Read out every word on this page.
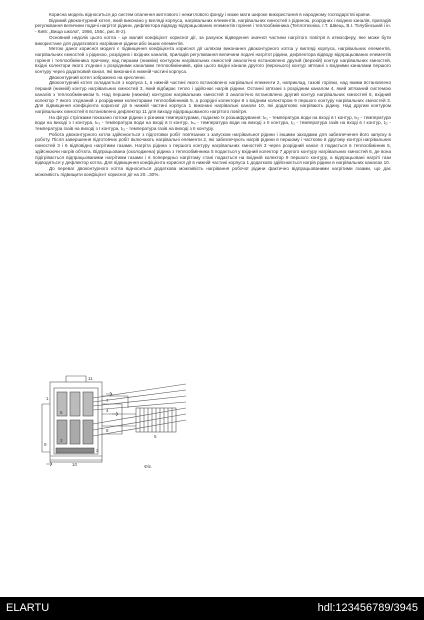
Корисна модель відноситься до систем опалення житлового і нежитлового фонду і може мати широке використання в народному господарстві країни.

Відомий двоконтурний котел, який виконано у вигляді корпуса, нагрівальних елементів, нагрівальних ємностей з рідиною, розрідних і вхідних каналів, приладів регулювання величини подачі нагрітої рідини, дефлектора відводу відпрацьованих елементів горіння і теплообмінника (Теплотехніка. І.Т. Швець, В.І. Толубінський і ін. - Київ: „Вища школа", 1956, 156с, рис.III-2).

Основний недолік цього котла - це малий коефіцієнт корисної дії, за рахунок відведення значної частини нагрітого повітря в атмосферу, яке може бути використане для додаткового нагрівання рідини або інших елементів.

Метою даної корисної моделі є підвищення коефіцієнта корисної дії шляхом виконання двоконтурного котла у вигляді корпуса, нагрівальних елементів, нагрівальних ємностей з рідиною, розрідних і вхідних каналів, приладів регулювання величини подачі нагрітої рідини, дефлектора відводу відпрацьованих елементів горіння і теплообмінника причому, над першим (нижнім) контуром нагрівальних ємностей аналогічно встановлено другий (верхній) контур нагрівальних ємностей, вхідні колектори якого з'єднані з розрідними каналами теплообмінників, крім цього вхідні канали другого (верхнього) контур зв'язані з вхідними каналами першого контуру через додатковий канал, які виконані в нижній частині корпуса.

Двоконтурний котел зображено на кресленні.

Двоконтурний котел складається з корпуса 1, в нижній частині якого встановлено нагрівальні елементи 2, наприклад, газові горілки, над якими встановлено перший (нижній) контур нагрівальних ємностей 3, який відбирає тепло і здійснює нагрів рідини. Останні зв'язані з розрідним каналом 4, який зв'язаний системою каналів з теплообмінником 5. Над першим (нижнім) контуром нагрівальних ємностей 3 аналогічно встановлено другий контур нагрівальних ємностей 6, вхідний колектор 7 якого з'єднаний з розрідними колекторами теплообмінників 5, а розрідні колектори 8 з вхідним колектором 9 першого контуру нагрівальних ємностей 3. Для підвищення коефіцієнта корисної дії в нижній частині корпуса 1 виконані нагрівальні канали 10, які додатково нагрівають рідину. Над другим контуром нагрівальних ємностей 6 встановлено дефлектор 11 для виходу відпрацьованого нагрітого повітря.

На фігурі стрілками показано потоки рідини з різними температурами, подаємо їх розшифрування: tₕ₁ - температура води на вході в І контур, tₕ₂ - температура води на виході з І контура, tₕ₃ - температура води на вході в ІІ контур, tₕ₄ - температура води на виході з ІІ контура, tᵣ₁ - температура газів на вході в І контур, tᵣ₂ - температура газів на виході з І контура, tᵣ₃ - температура газів на виході з ІІ контуру.

Робота двоконтурного котла здійснюється з підготовки робіт пов'язаних з запуском нагрівальної рідини і іншими заходами для забезпечення його запуску в роботу. Після завершення підготовчих робіт включають нагрівальні елементи 2, які забезпечують нагрів рідини в першому і частково в другому контурі нагрівальних ємностей 3 і 6 відповідно нагрітими газами. Нагріта рідина з першого контуру нагрівальних ємностей 3 через розрідний канал 4 подається в теплообмінник 5, здійснюючи нагрів об'єкта. Відпрацьована (охолоджена) рідина з теплообмінника 5 подається у вхідний колектор 7 другого контуру нагрівальних ємностей 6, де вона підігрівається відпрацьованими нагрітими газами і в попередньо нагрітому стані подається на вхідний колектор 9 першого контуру, а відпрацьовані нагріті гази відводяться у дефлектор котла. Для підвищення коефіцієнта корисної дії в нижній частині корпуса 1 додатково здійснюється нагрів рідини в нагрівальних каналах 10.

До переваг двоконтурного котла відноситься додаткова можливість нагрівання робочої рідини фактично відпрацьованими нагрітими газами, що дає можливість підвищити коефіцієнт корисної дії на 20...30%.

1
2
3
4
5
6
7
8
9
10
11
Фіг.
ELARTU	hdl:123456789/3945
